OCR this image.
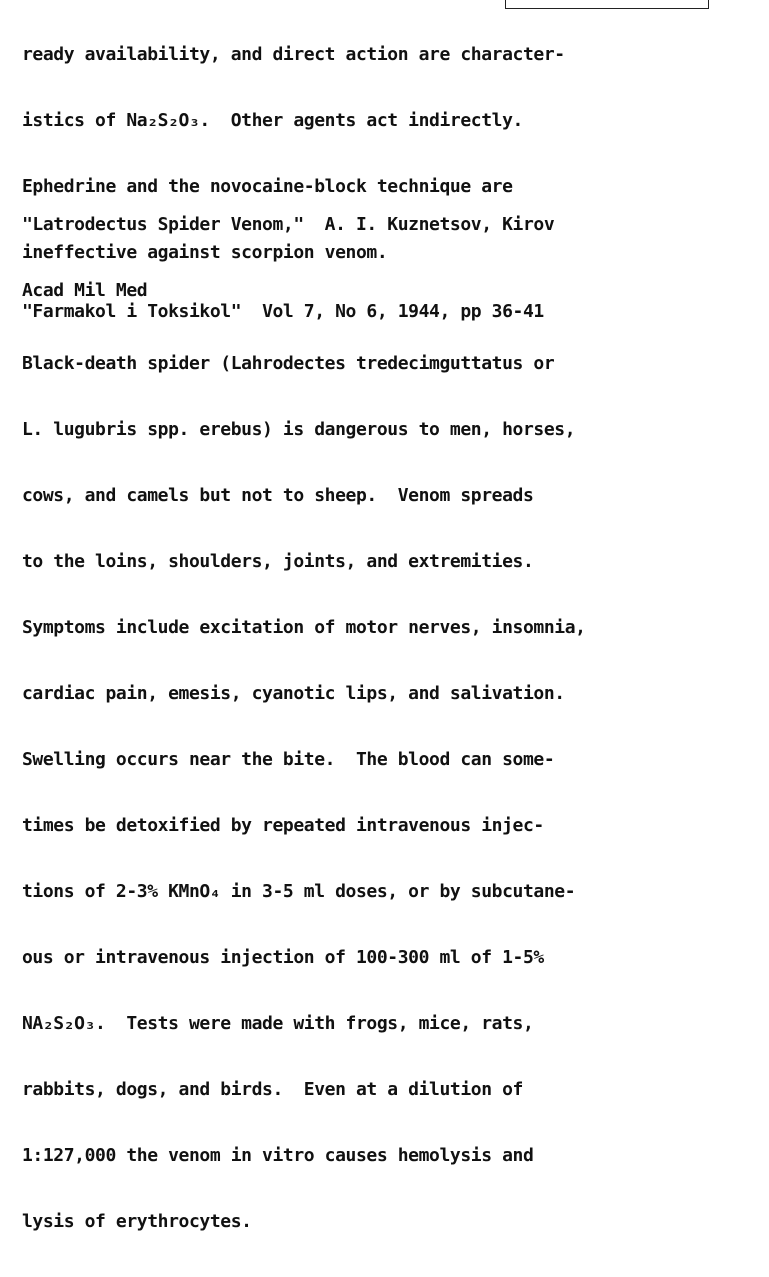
ready availability, and direct action are character-

istics of Na₂S₂O₃.  Other agents act indirectly.

Ephedrine and the novocaine-block technique are

ineffective against scorpion venom.

"Latrodectus Spider Venom," A. I. Kuznetsov, Kirov

Acad Mil Med

"Farmakol i Toksikol" Vol 7, No 6, 1944, pp 36-41

Black-death spider (Lahrodectes tredecimguttatus or

L. lugubris spp. erebus) is dangerous to men, horses,

cows, and camels but not to sheep.  Venom spreads

to the loins, shoulders, joints, and extremities.

Symptoms include excitation of motor nerves, insomnia,

cardiac pain, emesis, cyanotic lips, and salivation.

Swelling occurs near the bite.  The blood can some-

times be detoxified by repeated intravenous injec-

tions of 2-3% KMnO₄ in 3-5 ml doses, or by subcutane-

ous or intravenous injection of 100-300 ml of 1-5%

NA₂S₂O₃.  Tests were made with frogs, mice, rats,

rabbits, dogs, and birds.  Even at a dilution of

1:127,000 the venom in vitro causes hemolysis and

lysis of erythrocytes.
